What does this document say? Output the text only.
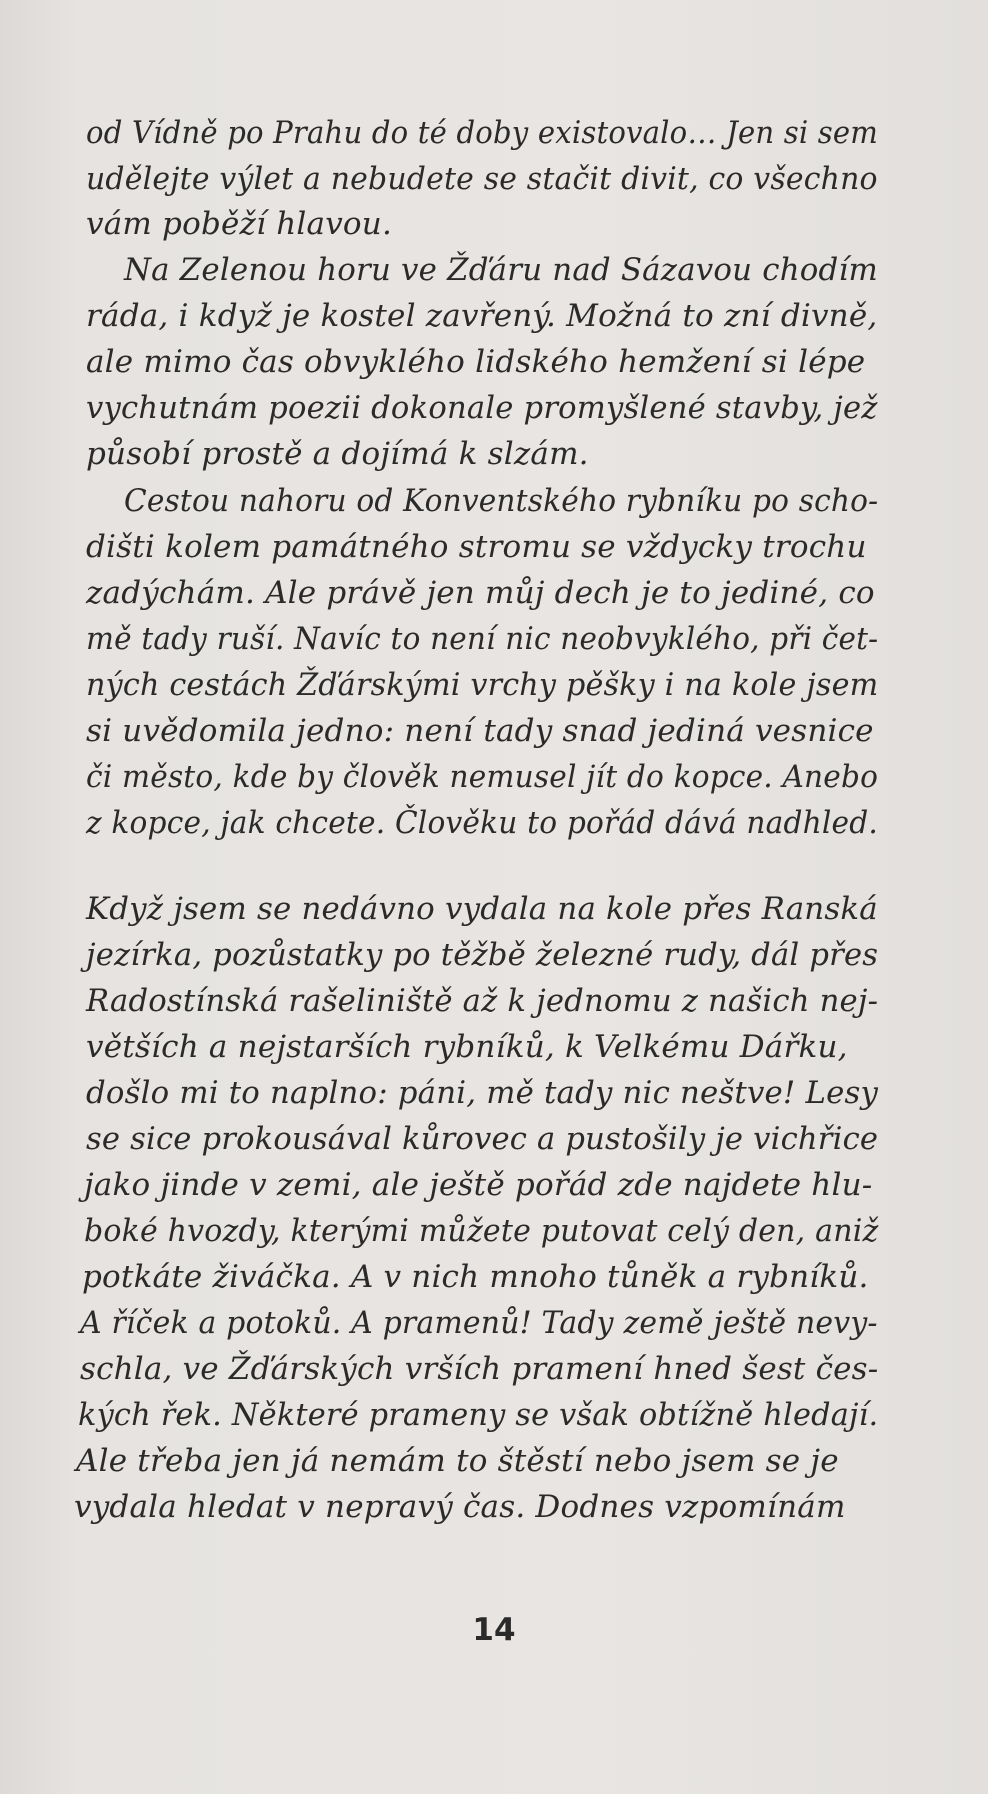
od Vídně po Prahu do té doby existovalo… Jen si sem
udělejte výlet a nebudete se stačit divit, co všechno
vám poběží hlavou.
Na Zelenou horu ve Žďáru nad Sázavou chodím
ráda, i když je kostel zavřený. Možná to zní divně,
ale mimo čas obvyklého lidského hemžení si lépe
vychutnám poezii dokonale promyšlené stavby, jež
působí prostě a dojímá k slzám.
Cestou nahoru od Konventského rybníku po scho-
dišti kolem památného stromu se vždycky trochu
zadýchám. Ale právě jen můj dech je to jediné, co
mě tady ruší. Navíc to není nic neobvyklého, při čet-
ných cestách Žďárskými vrchy pěšky i na kole jsem
si uvědomila jedno: není tady snad jediná vesnice
či město, kde by člověk nemusel jít do kopce. Anebo
z kopce, jak chcete. Člověku to pořád dává nadhled.
Když jsem se nedávno vydala na kole přes Ranská
jezírka, pozůstatky po těžbě železné rudy, dál přes
Radostínská rašeliniště až k jednomu z našich nej-
větších a nejstarších rybníků, k Velkému Dářku,
došlo mi to naplno: páni, mě tady nic neštve! Lesy
se sice prokousával kůrovec a pustošily je vichřice
jako jinde v zemi, ale ještě pořád zde najdete hlu-
boké hvozdy, kterými můžete putovat celý den, aniž
potkáte živáčka. A v nich mnoho tůněk a rybníků.
A říček a potoků. A pramenů! Tady země ještě nevy-
schla, ve Žďárských vrších pramení hned šest čes-
kých řek. Některé prameny se však obtížně hledají.
Ale třeba jen já nemám to štěstí nebo jsem se je
vydala hledat v nepravý čas. Dodnes vzpomínám
14
